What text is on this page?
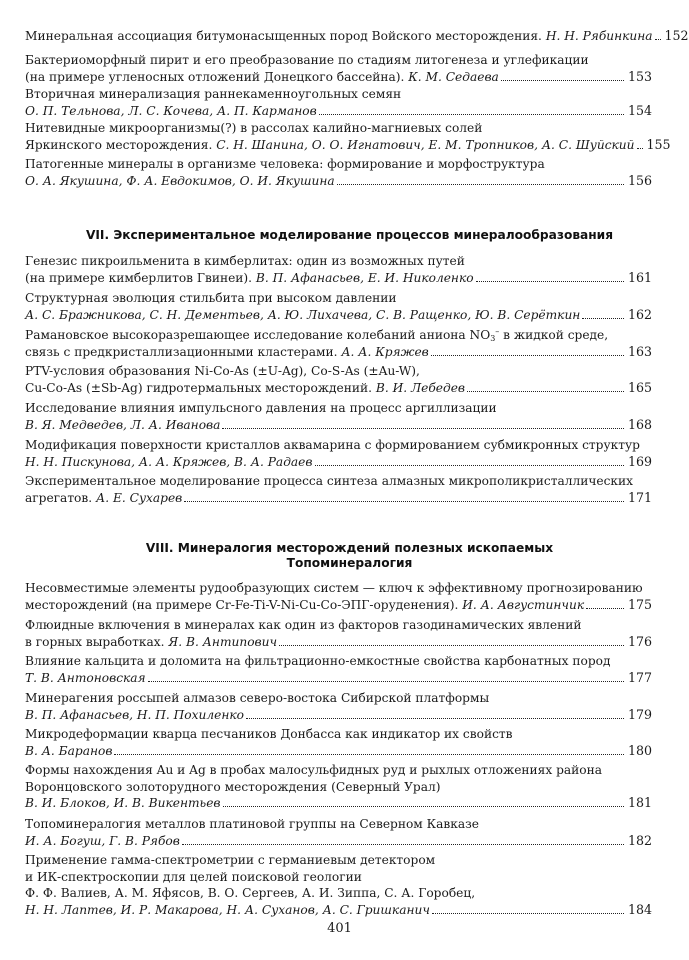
Минеральная ассоциация битумонасыщенных пород Войского месторождения. Н. Н. Рябинкина 152
Бактериоморфный пирит и его преобразование по стадиям литогенеза и углефикации
(на примере угленосных отложений Донецкого бассейна). К. М. Седаева	153
Вторичная минерализация раннекаменноугольных семян
О. П. Тельнова, Л. С. Кочева, А. П. Карманов	154
Нитевидные микроорганизмы(?) в рассолах калийно-магниевых солей
Яркинского месторождения. С. Н. Шанина, О. О. Игнатович, Е. М. Тропников, А. С. Шуйский 155
Патогенные минералы в организме человека: формирование и морфоструктура
О. А. Якушина, Ф. А. Евдокимов, О. И. Якушина	156
VII. Экспериментальное моделирование процессов минералообразования
Генезис пикроильменита в кимберлитах: один из возможных путей
(на примере кимберлитов Гвинеи). В. П. Афанасьев, Е. И. Николенко	161
Структурная эволюция стильбита при высоком давлении
А. С. Бражникова, С. Н. Дементьев, А. Ю. Лихачева, С. В. Ращенко, Ю. В. Серёткин	162
Рамановское высокоразрешающее исследование колебаний аниона $NO_3^-$ в жидкой среде,
связь с предкристаллизационными кластерами. А. А. Кряжев	163
PTV-условия образования Ni-Co-As (±U-Ag), Co-S-As (±Au-W),
Cu-Co-As (±Sb-Ag) гидротермальных месторождений. В. И. Лебедев	165
Исследование влияния импульсного давления на процесс аргиллизации
В. Я. Медведев, Л. А. Иванова	168
Модификация поверхности кристаллов аквамарина с формированием субмикронных структур
Н. Н. Пискунова, А. А. Кряжев, В. А. Радаев	169
Экспериментальное моделирование процесса синтеза алмазных микрополикристаллических
агрегатов. А. Е. Сухарев	171
VIII. Минералогия месторождений полезных ископаемых
Топоминералогия
Несовместимые элементы рудообразующих систем — ключ к эффективному прогнозированию
месторождений (на примере Cr-Fe-Ti-V-Ni-Cu-Co-ЭПГ-оруденения). И. А. Августинчик	175
Флюидные включения в минералах как один из факторов газодинамических явлений
в горных выработках. Я. В. Антипович	176
Влияние кальцита и доломита на фильтрационно-емкостные свойства карбонатных пород
Т. В. Антоновская	177
Минерагения россыпей алмазов северо-востока Сибирской платформы
В. П. Афанасьев, Н. П. Похиленко	179
Микродеформации кварца песчаников Донбасса как индикатор их свойств
В. А. Баранов	180
Формы нахождения Au и Ag в пробах малосульфидных руд и рыхлых отложениях района
Воронцовского золоторудного месторождения (Северный Урал)
В. И. Блоков, И. В. Викентьев	181
Топоминералогия металлов платиновой группы на Северном Кавказе
И. А. Богуш, Г. В. Рябов	182
Применение гамма-спектрометрии с германиевым детектором
и ИК-спектроскопии для целей поисковой геологии
Ф. Ф. Валиев, А. М. Яфясов, В. О. Сергеев, А. И. Зиппа, С. А. Горобец,
Н. Н. Лаптев, И. Р. Макарова, Н. А. Суханов, А. С. Гришканич	184
401
